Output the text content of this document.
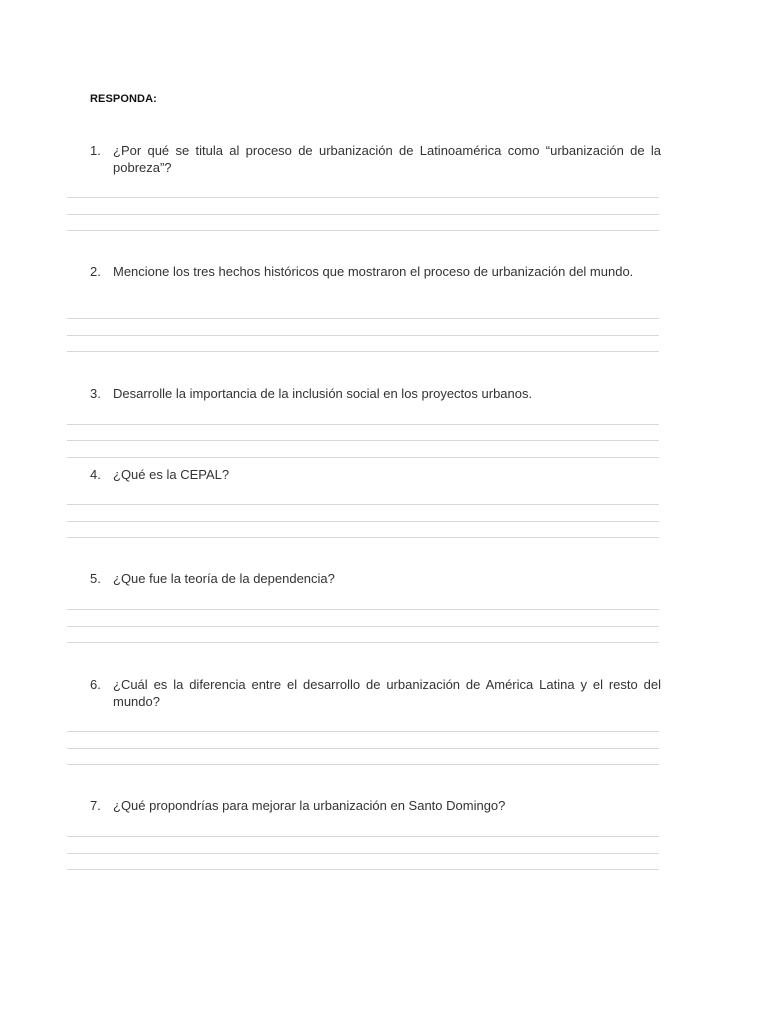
RESPONDA:
1. ¿Por qué se titula al proceso de urbanización de Latinoamérica como “urbanización de la pobreza”?
2. Mencione los tres hechos históricos que mostraron el proceso de urbanización del mundo.
3. Desarrolle la importancia de la inclusión social en los proyectos urbanos.
4. ¿Qué es la CEPAL?
5. ¿Que fue la teoría de la dependencia?
6. ¿Cuál es la diferencia entre el desarrollo de urbanización de América Latina y el resto del mundo?
7. ¿Qué propondrías para mejorar la urbanización en Santo Domingo?
